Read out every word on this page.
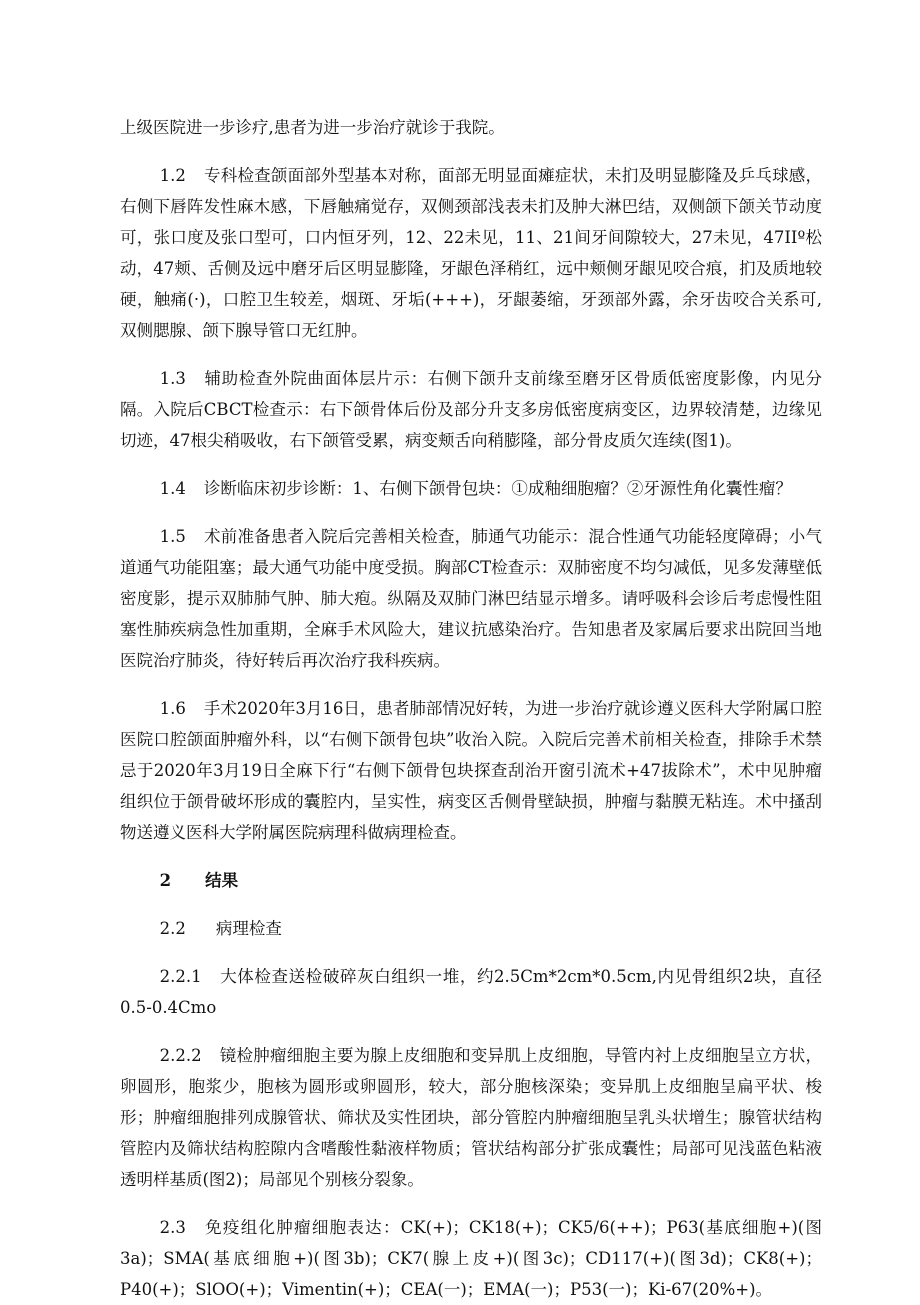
上级医院进一步诊疗,患者为进一步治疗就诊于我院。

1.2 专科检查颌面部外型基本对称，面部无明显面瘫症状，未扪及明显膨隆及乒乓球感，右侧下唇阵发性麻木感，下唇触痛觉存，双侧颈部浅表未扪及肿大淋巴结，双侧颌下颌关节动度可，张口度及张口型可，口内恒牙列，12、22未见，11、21间牙间隙较大，27未见，47IIº松动，47颊、舌侧及远中磨牙后区明显膨隆，牙龈色泽稍红，远中颊侧牙龈见咬合痕，扪及质地较硬，触痛(·)，口腔卫生较差，烟斑、牙垢(+++)，牙龈萎缩，牙颈部外露，余牙齿咬合关系可,双侧腮腺、颌下腺导管口无红肿。

1.3 辅助检查外院曲面体层片示：右侧下颌升支前缘至磨牙区骨质低密度影像，内见分隔。入院后CBCT检查示：右下颌骨体后份及部分升支多房低密度病变区，边界较清楚，边缘见切迹，47根尖稍吸收，右下颌管受累，病变颊舌向稍膨隆，部分骨皮质欠连续(图1)。

1.4 诊断临床初步诊断：1、右侧下颌骨包块：①成釉细胞瘤？②牙源性角化囊性瘤？

1.5 术前准备患者入院后完善相关检查，肺通气功能示：混合性通气功能轻度障碍；小气道通气功能阻塞；最大通气功能中度受损。胸部CT检查示：双肺密度不均匀减低，见多发薄壁低密度影，提示双肺肺气肿、肺大疱。纵隔及双肺门淋巴结显示增多。请呼吸科会诊后考虑慢性阻塞性肺疾病急性加重期，全麻手术风险大，建议抗感染治疗。告知患者及家属后要求出院回当地医院治疗肺炎，待好转后再次治疗我科疾病。

1.6 手术2020年3月16日，患者肺部情况好转，为进一步治疗就诊遵义医科大学附属口腔医院口腔颌面肿瘤外科，以“右侧下颌骨包块”收治入院。入院后完善术前相关检查，排除手术禁忌于2020年3月19日全麻下行“右侧下颌骨包块探查刮治开窗引流术+47拔除术”，术中见肿瘤组织位于颌骨破坏形成的囊腔内，呈实性，病变区舌侧骨壁缺损，肿瘤与黏膜无粘连。术中搔刮物送遵义医科大学附属医院病理科做病理检查。

2 结果

2.2 病理检查

2.2.1 大体检查送检破碎灰白组织一堆，约2.5Cm*2cm*0.5cm,内见骨组织2块，直径0.5-0.4Cmo

2.2.2 镜检肿瘤细胞主要为腺上皮细胞和变异肌上皮细胞，导管内衬上皮细胞呈立方状，卵圆形，胞浆少，胞核为圆形或卵圆形，较大，部分胞核深染；变异肌上皮细胞呈扁平状、梭形；肿瘤细胞排列成腺管状、筛状及实性团块，部分管腔内肿瘤细胞呈乳头状增生；腺管状结构管腔内及筛状结构腔隙内含嗜酸性黏液样物质；管状结构部分扩张成囊性；局部可见浅蓝色粘液透明样基质(图2)；局部见个别核分裂象。

2.3 免疫组化肿瘤细胞表达：CK(+)；CK18(+)；CK5/6(++)；P63(基底细胞+)(图3a)；SMA(基底细胞+)(图3b)；CK7(腺上皮+)(图3c)；CD117(+)(图3d)；CK8(+)；P40(+)；SlOO(+)；Vimentin(+)；CEA(一)；EMA(一)；P53(一)；Ki-67(20%+)。
